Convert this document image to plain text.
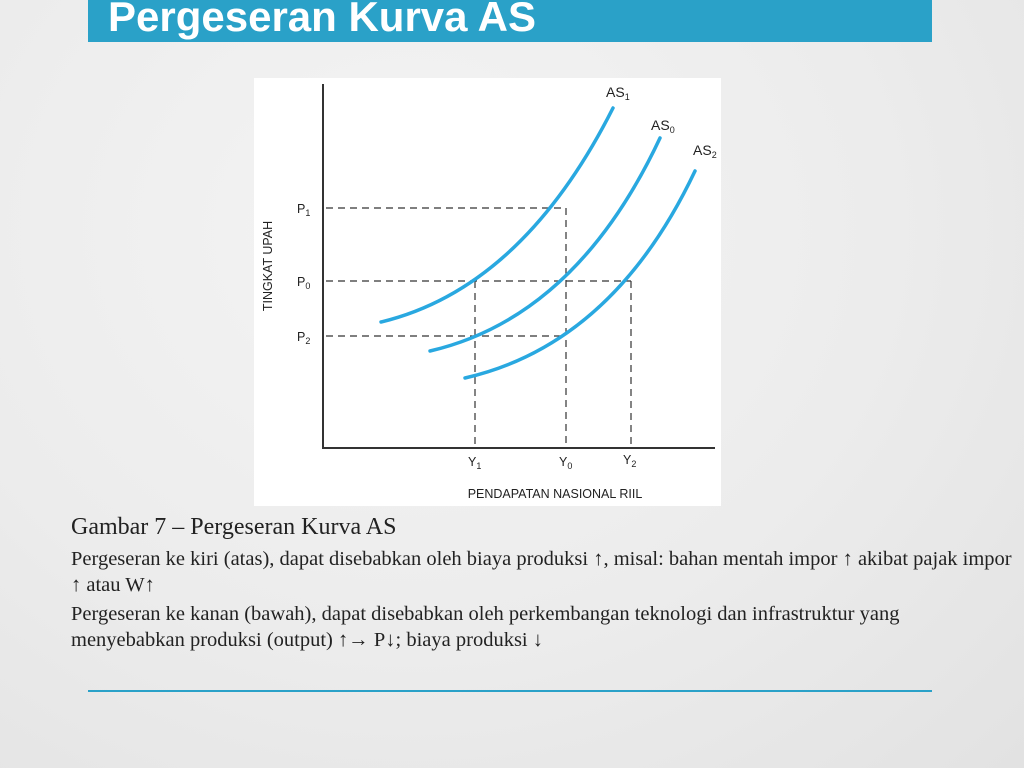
Pergeseran Kurva AS
TINGKAT UPAH
$P_1$
$P_0$
$P_2$
$Y_1$	$Y_0$	$Y_2$
$AS_1$
$AS_0$
$AS_2$
PENDAPATAN NASIONAL RIIL

Gambar 7 – Pergeseran Kurva AS

Pergeseran ke kiri (atas), dapat disebabkan oleh biaya produksi ↑, misal: bahan mentah impor ↑ akibat pajak impor ↑ atau W↑

Pergeseran ke kanan (bawah), dapat disebabkan oleh perkembangan teknologi dan infrastruktur yang menyebabkan produksi (output) ↑→ P↓; biaya produksi ↓
